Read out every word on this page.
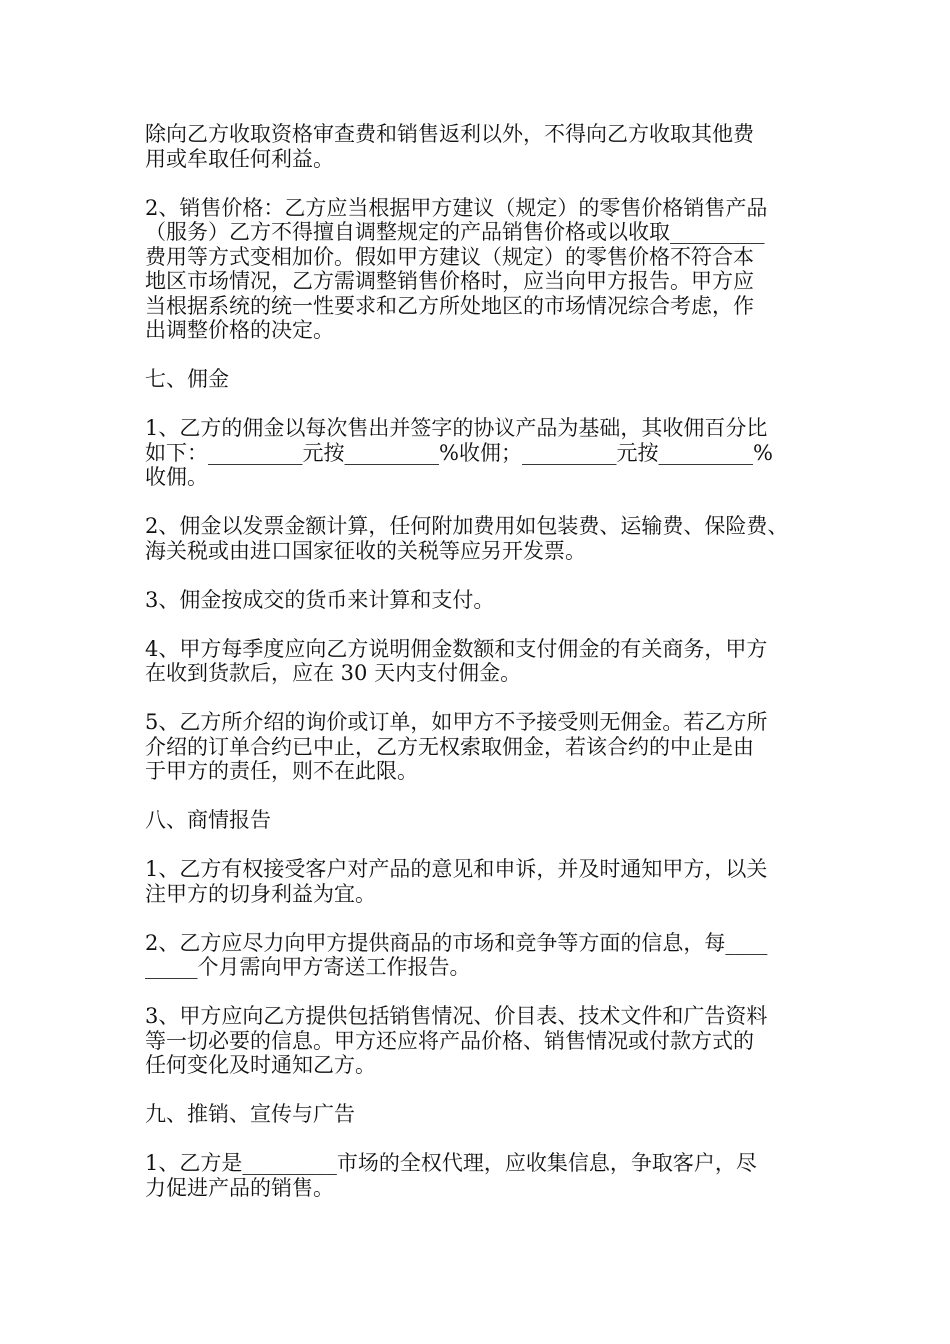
除向乙方收取资格审查费和销售返利以外，不得向乙方收取其他费
用或牟取任何利益。
2、销售价格：乙方应当根据甲方建议（规定）的零售价格销售产品
（服务）乙方不得擅自调整规定的产品销售价格或以收取_________
费用等方式变相加价。假如甲方建议（规定）的零售价格不符合本
地区市场情况，乙方需调整销售价格时，应当向甲方报告。甲方应
当根据系统的统一性要求和乙方所处地区的市场情况综合考虑，作
出调整价格的决定。
七、佣金
1、乙方的佣金以每次售出并签字的协议产品为基础，其收佣百分比
如下：_________元按_________%收佣；_________元按_________%
收佣。
2、佣金以发票金额计算，任何附加费用如包装费、运输费、保险费、
海关税或由进口国家征收的关税等应另开发票。
3、佣金按成交的货币来计算和支付。
4、甲方每季度应向乙方说明佣金数额和支付佣金的有关商务，甲方
在收到货款后，应在 30 天内支付佣金。
5、乙方所介绍的询价或订单，如甲方不予接受则无佣金。若乙方所
介绍的订单合约已中止，乙方无权索取佣金，若该合约的中止是由
于甲方的责任，则不在此限。
八、商情报告
1、乙方有权接受客户对产品的意见和申诉，并及时通知甲方，以关
注甲方的切身利益为宜。
2、乙方应尽力向甲方提供商品的市场和竞争等方面的信息，每____
_____个月需向甲方寄送工作报告。
3、甲方应向乙方提供包括销售情况、价目表、技术文件和广告资料
等一切必要的信息。甲方还应将产品价格、销售情况或付款方式的
任何变化及时通知乙方。
九、推销、宣传与广告
1、乙方是_________市场的全权代理，应收集信息，争取客户，尽
力促进产品的销售。
